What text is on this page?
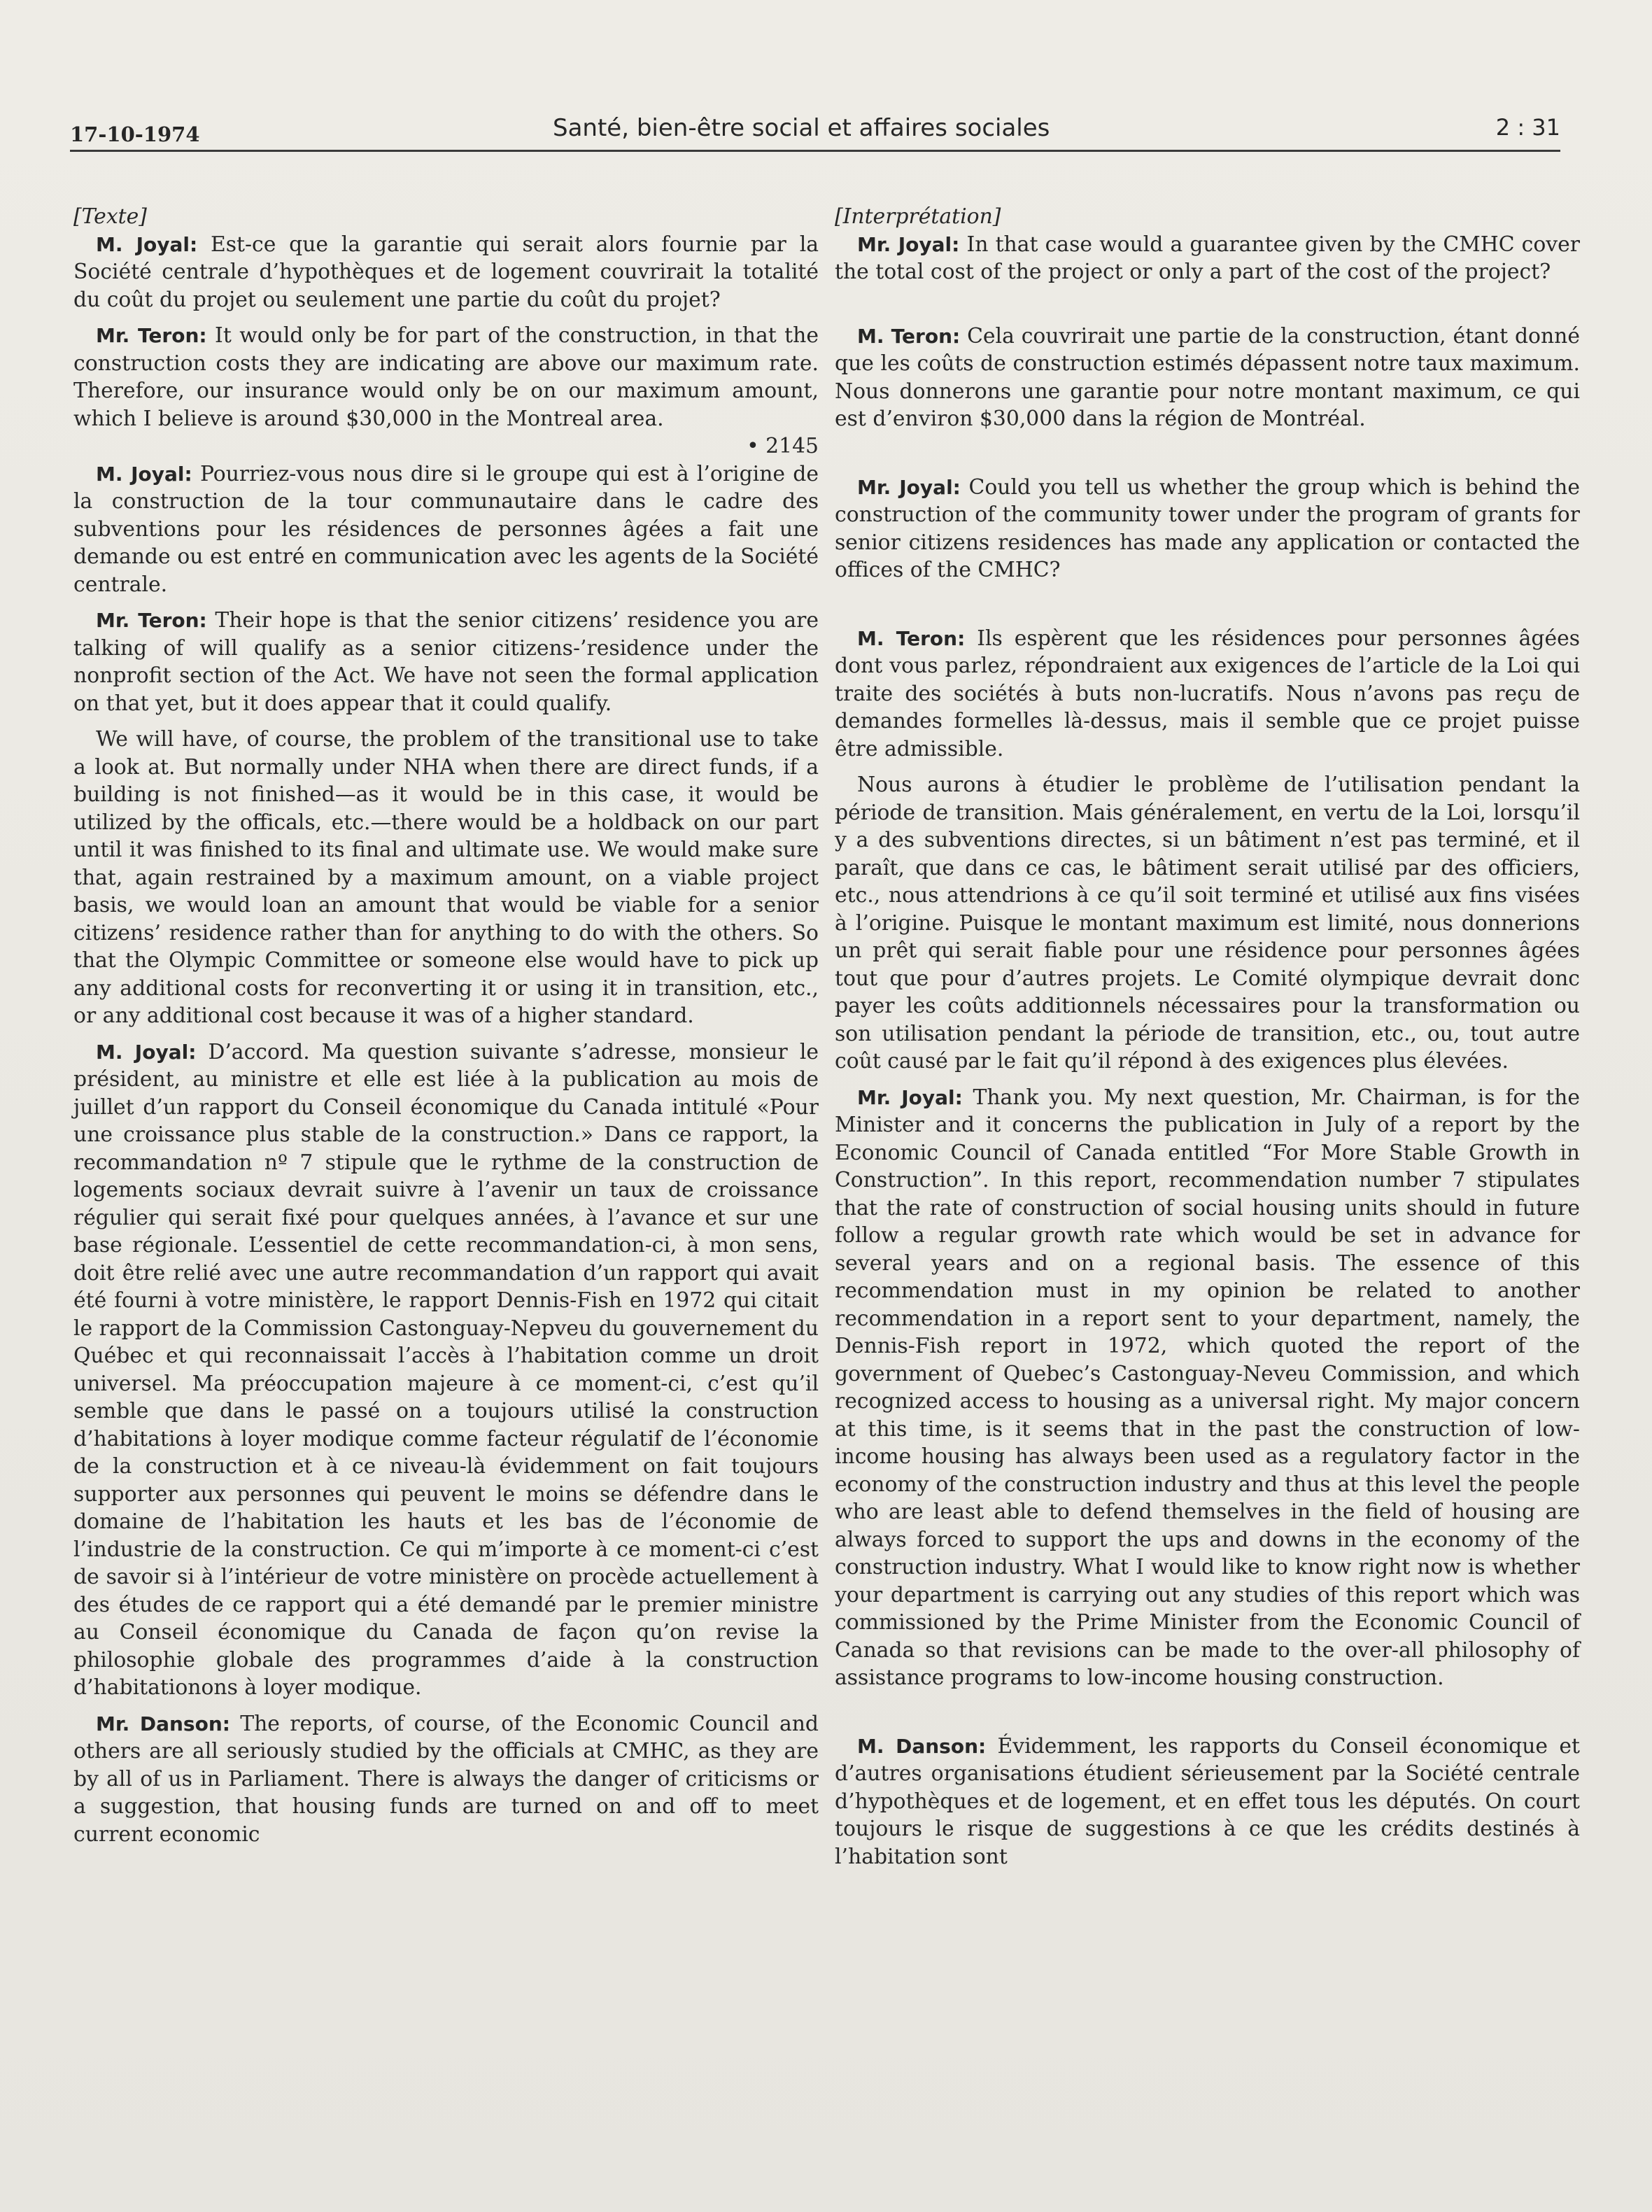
17-10-1974	Santé, bien-être social et affaires sociales	2 : 31

[Texte]

M. Joyal: Est-ce que la garantie qui serait alors fournie par la Société centrale d’hypothèques et de logement couvrirait la totalité du coût du projet ou seulement une partie du coût du projet?

Mr. Teron: It would only be for part of the construction, in that the construction costs they are indicating are above our maximum rate. Therefore, our insurance would only be on our maximum amount, which I believe is around $30,000 in the Montreal area.

• 2145

M. Joyal: Pourriez-vous nous dire si le groupe qui est à l’origine de la construction de la tour communautaire dans le cadre des subventions pour les résidences de personnes âgées a fait une demande ou est entré en communication avec les agents de la Société centrale.

Mr. Teron: Their hope is that the senior citizens’ residence you are talking of will qualify as a senior citizens-’residence under the nonprofit section of the Act. We have not seen the formal application on that yet, but it does appear that it could qualify.

We will have, of course, the problem of the transitional use to take a look at. But normally under NHA when there are direct funds, if a building is not finished—as it would be in this case, it would be utilized by the officals, etc.—there would be a holdback on our part until it was finished to its final and ultimate use. We would make sure that, again restrained by a maximum amount, on a viable project basis, we would loan an amount that would be viable for a senior citizens’ residence rather than for anything to do with the others. So that the Olympic Committee or someone else would have to pick up any additional costs for reconverting it or using it in transition, etc., or any additional cost because it was of a higher standard.

M. Joyal: D’accord. Ma question suivante s’adresse, monsieur le président, au ministre et elle est liée à la publication au mois de juillet d’un rapport du Conseil économique du Canada intitulé «Pour une croissance plus stable de la construction.» Dans ce rapport, la recommandation nº 7 stipule que le rythme de la construction de logements sociaux devrait suivre à l’avenir un taux de croissance régulier qui serait fixé pour quelques années, à l’avance et sur une base régionale. L’essentiel de cette recommandation-ci, à mon sens, doit être relié avec une autre recommandation d’un rapport qui avait été fourni à votre ministère, le rapport Dennis-Fish en 1972 qui citait le rapport de la Commission Castonguay-Nepveu du gouvernement du Québec et qui reconnaissait l’accès à l’habitation comme un droit universel. Ma préoccupation majeure à ce moment-ci, c’est qu’il semble que dans le passé on a toujours utilisé la construction d’habitations à loyer modique comme facteur régulatif de l’économie de la construction et à ce niveau-là évidemment on fait toujours supporter aux personnes qui peuvent le moins se défendre dans le domaine de l’habitation les hauts et les bas de l’économie de l’industrie de la construction. Ce qui m’importe à ce moment-ci c’est de savoir si à l’intérieur de votre ministère on procède actuellement à des études de ce rapport qui a été demandé par le premier ministre au Conseil économique du Canada de façon qu’on revise la philosophie globale des programmes d’aide à la construction d’habitationons à loyer modique.

Mr. Danson: The reports, of course, of the Economic Council and others are all seriously studied by the officials at CMHC, as they are by all of us in Parliament. There is always the danger of criticisms or a suggestion, that housing funds are turned on and off to meet current economic

[Interprétation]

Mr. Joyal: In that case would a guarantee given by the CMHC cover the total cost of the project or only a part of the cost of the project?

M. Teron: Cela couvrirait une partie de la construction, étant donné que les coûts de construction estimés dépassent notre taux maximum. Nous donnerons une garantie pour notre montant maximum, ce qui est d’environ $30,000 dans la région de Montréal.

Mr. Joyal: Could you tell us whether the group which is behind the construction of the community tower under the program of grants for senior citizens residences has made any application or contacted the offices of the CMHC?

M. Teron: Ils espèrent que les résidences pour personnes âgées dont vous parlez, répondraient aux exigences de l’article de la Loi qui traite des sociétés à buts non-lucratifs. Nous n’avons pas reçu de demandes formelles là-dessus, mais il semble que ce projet puisse être admissible.

Nous aurons à étudier le problème de l’utilisation pendant la période de transition. Mais généralement, en vertu de la Loi, lorsqu’il y a des subventions directes, si un bâtiment n’est pas terminé, et il paraît, que dans ce cas, le bâtiment serait utilisé par des officiers, etc., nous attendrions à ce qu’il soit terminé et utilisé aux fins visées à l’origine. Puisque le montant maximum est limité, nous donnerions un prêt qui serait fiable pour une résidence pour personnes âgées tout que pour d’autres projets. Le Comité olympique devrait donc payer les coûts additionnels nécessaires pour la transformation ou son utilisation pendant la période de transition, etc., ou, tout autre coût causé par le fait qu’il répond à des exigences plus élevées.

Mr. Joyal: Thank you. My next question, Mr. Chairman, is for the Minister and it concerns the publication in July of a report by the Economic Council of Canada entitled “For More Stable Growth in Construction”. In this report, recommendation number 7 stipulates that the rate of construction of social housing units should in future follow a regular growth rate which would be set in advance for several years and on a regional basis. The essence of this recommendation must in my opinion be related to another recommendation in a report sent to your department, namely, the Dennis-Fish report in 1972, which quoted the report of the government of Quebec’s Castonguay-Neveu Commission, and which recognized access to housing as a universal right. My major concern at this time, is it seems that in the past the construction of low-income housing has always been used as a regulatory factor in the economy of the construction industry and thus at this level the people who are least able to defend themselves in the field of housing are always forced to support the ups and downs in the economy of the construction industry. What I would like to know right now is whether your department is carrying out any studies of this report which was commissioned by the Prime Minister from the Economic Council of Canada so that revisions can be made to the over-all philosophy of assistance programs to low-income housing construction.

M. Danson: Évidemment, les rapports du Conseil économique et d’autres organisations étudient sérieusement par la Société centrale d’hypothèques et de logement, et en effet tous les députés. On court toujours le risque de suggestions à ce que les crédits destinés à l’habitation sont
